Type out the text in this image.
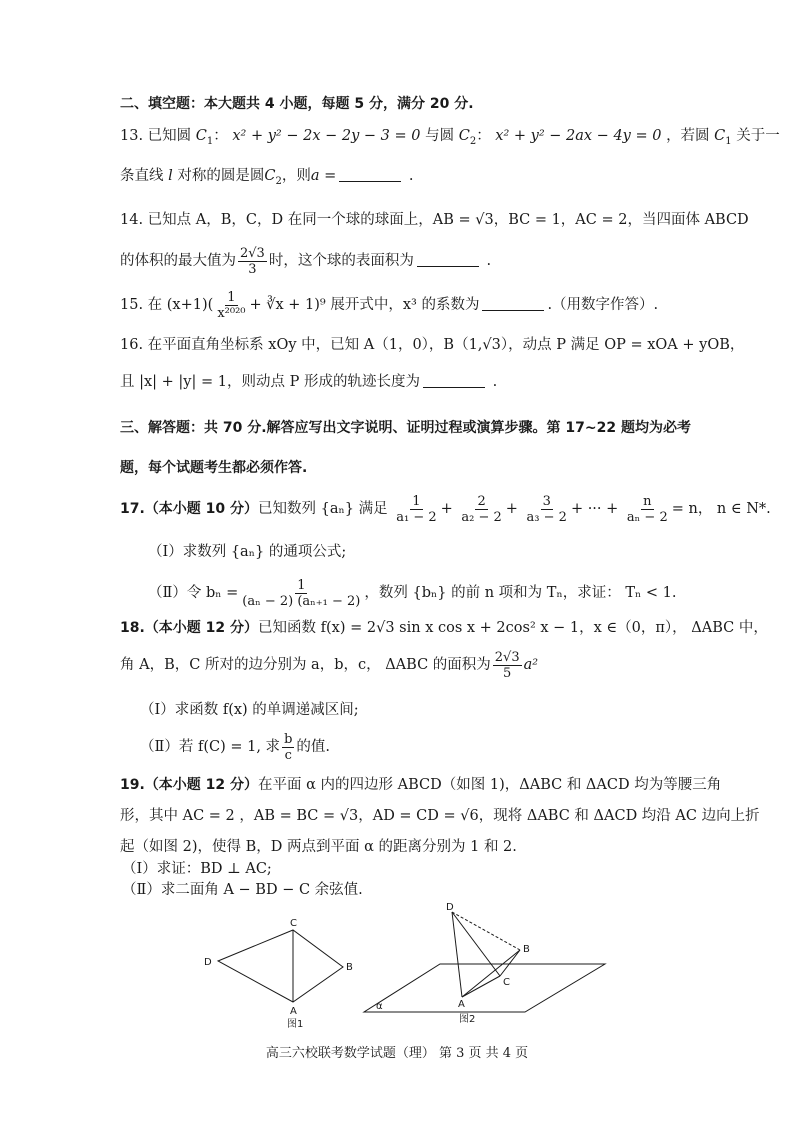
二、填空题：本大题共 4 小题，每题 5 分，满分 20 分.
13. 已知圆 $C_1$： x² + y² − 2x − 2y − 3 = 0 与圆 $C_2$： x² + y² − 2ax − 4y = 0 ，若圆 $C_1$ 关于一
条直线 l 对称的圆是圆$C_2$，则a =	.
14. 已知点 A，B，C，D 在同一个球的球面上，AB = √3，BC = 1，AC = 2，当四面体 ABCD
的体积的最大值为 $\frac{2√3}{3}$ 时，这个球的表面积为	.
15. 在 $(x+1)( \frac{1}{\text{x²⁰²⁰}}$ + ∛x + 1)⁹ 展开式中，x³ 的系数为	.（用数字作答）.
16. 在平面直角坐标系 xOy 中，已知 A（1，0），B（1,√3），动点 P 满足 OP = xOA + yOB，
且 |x| + |y| = 1，则动点 P 形成的轨迹长度为	.
三、解答题：共 70 分.解答应写出文字说明、证明过程或演算步骤。第 17~22 题均为必考
题，每个试题考生都必须作答.
17.（本小题 10 分）已知数列 {aₙ} 满足 $\frac{1}{\text{a₁ − 2}} + \frac{2}{\text{a₂ − 2}} + \frac{3}{\text{a₃ − 2}}$ + ··· + $\frac{n}{\text{aₙ − 2}} = n$， n ∈ N*.
（Ⅰ）求数列 {aₙ} 的通项公式;
（Ⅱ）令 $b_n = \frac{1}{\text{(aₙ − 2) (aₙ₊₁ − 2)}}$ ，数列 {bₙ} 的前 n 项和为 Tₙ，求证： Tₙ < 1.
18.（本小题 12 分）已知函数 f(x) = 2√3 sin x cos x + 2cos² x − 1，x ∈（0，π）， ΔABC 中，
角 A，B，C 所对的边分别为 a，b，c， ΔABC 的面积为 $\frac{2√3}{5} a^2$
（Ⅰ）求函数 f(x) 的单调递减区间;
（Ⅱ）若 f(C) = 1, 求 $\frac{b}{c}$ 的值.
19.（本小题 12 分）在平面 α 内的四边形 ABCD（如图 1)，ΔABC 和 ΔACD 均为等腰三角
形，其中 AC = 2 ，AB = BC = √3，AD = CD = √6，现将 ΔABC 和 ΔACD 均沿 AC 边向上折
起（如图 2)，使得 B，D 两点到平面 α 的距离分别为 1 和 2.
（Ⅰ）求证：BD ⊥ AC;
（Ⅱ）求二面角 A − BD − C 余弦值.
C
D	B
A
图1
D
B
C
A
α
图2
高三六校联考数学试题（理） 第 3 页 共 4 页
